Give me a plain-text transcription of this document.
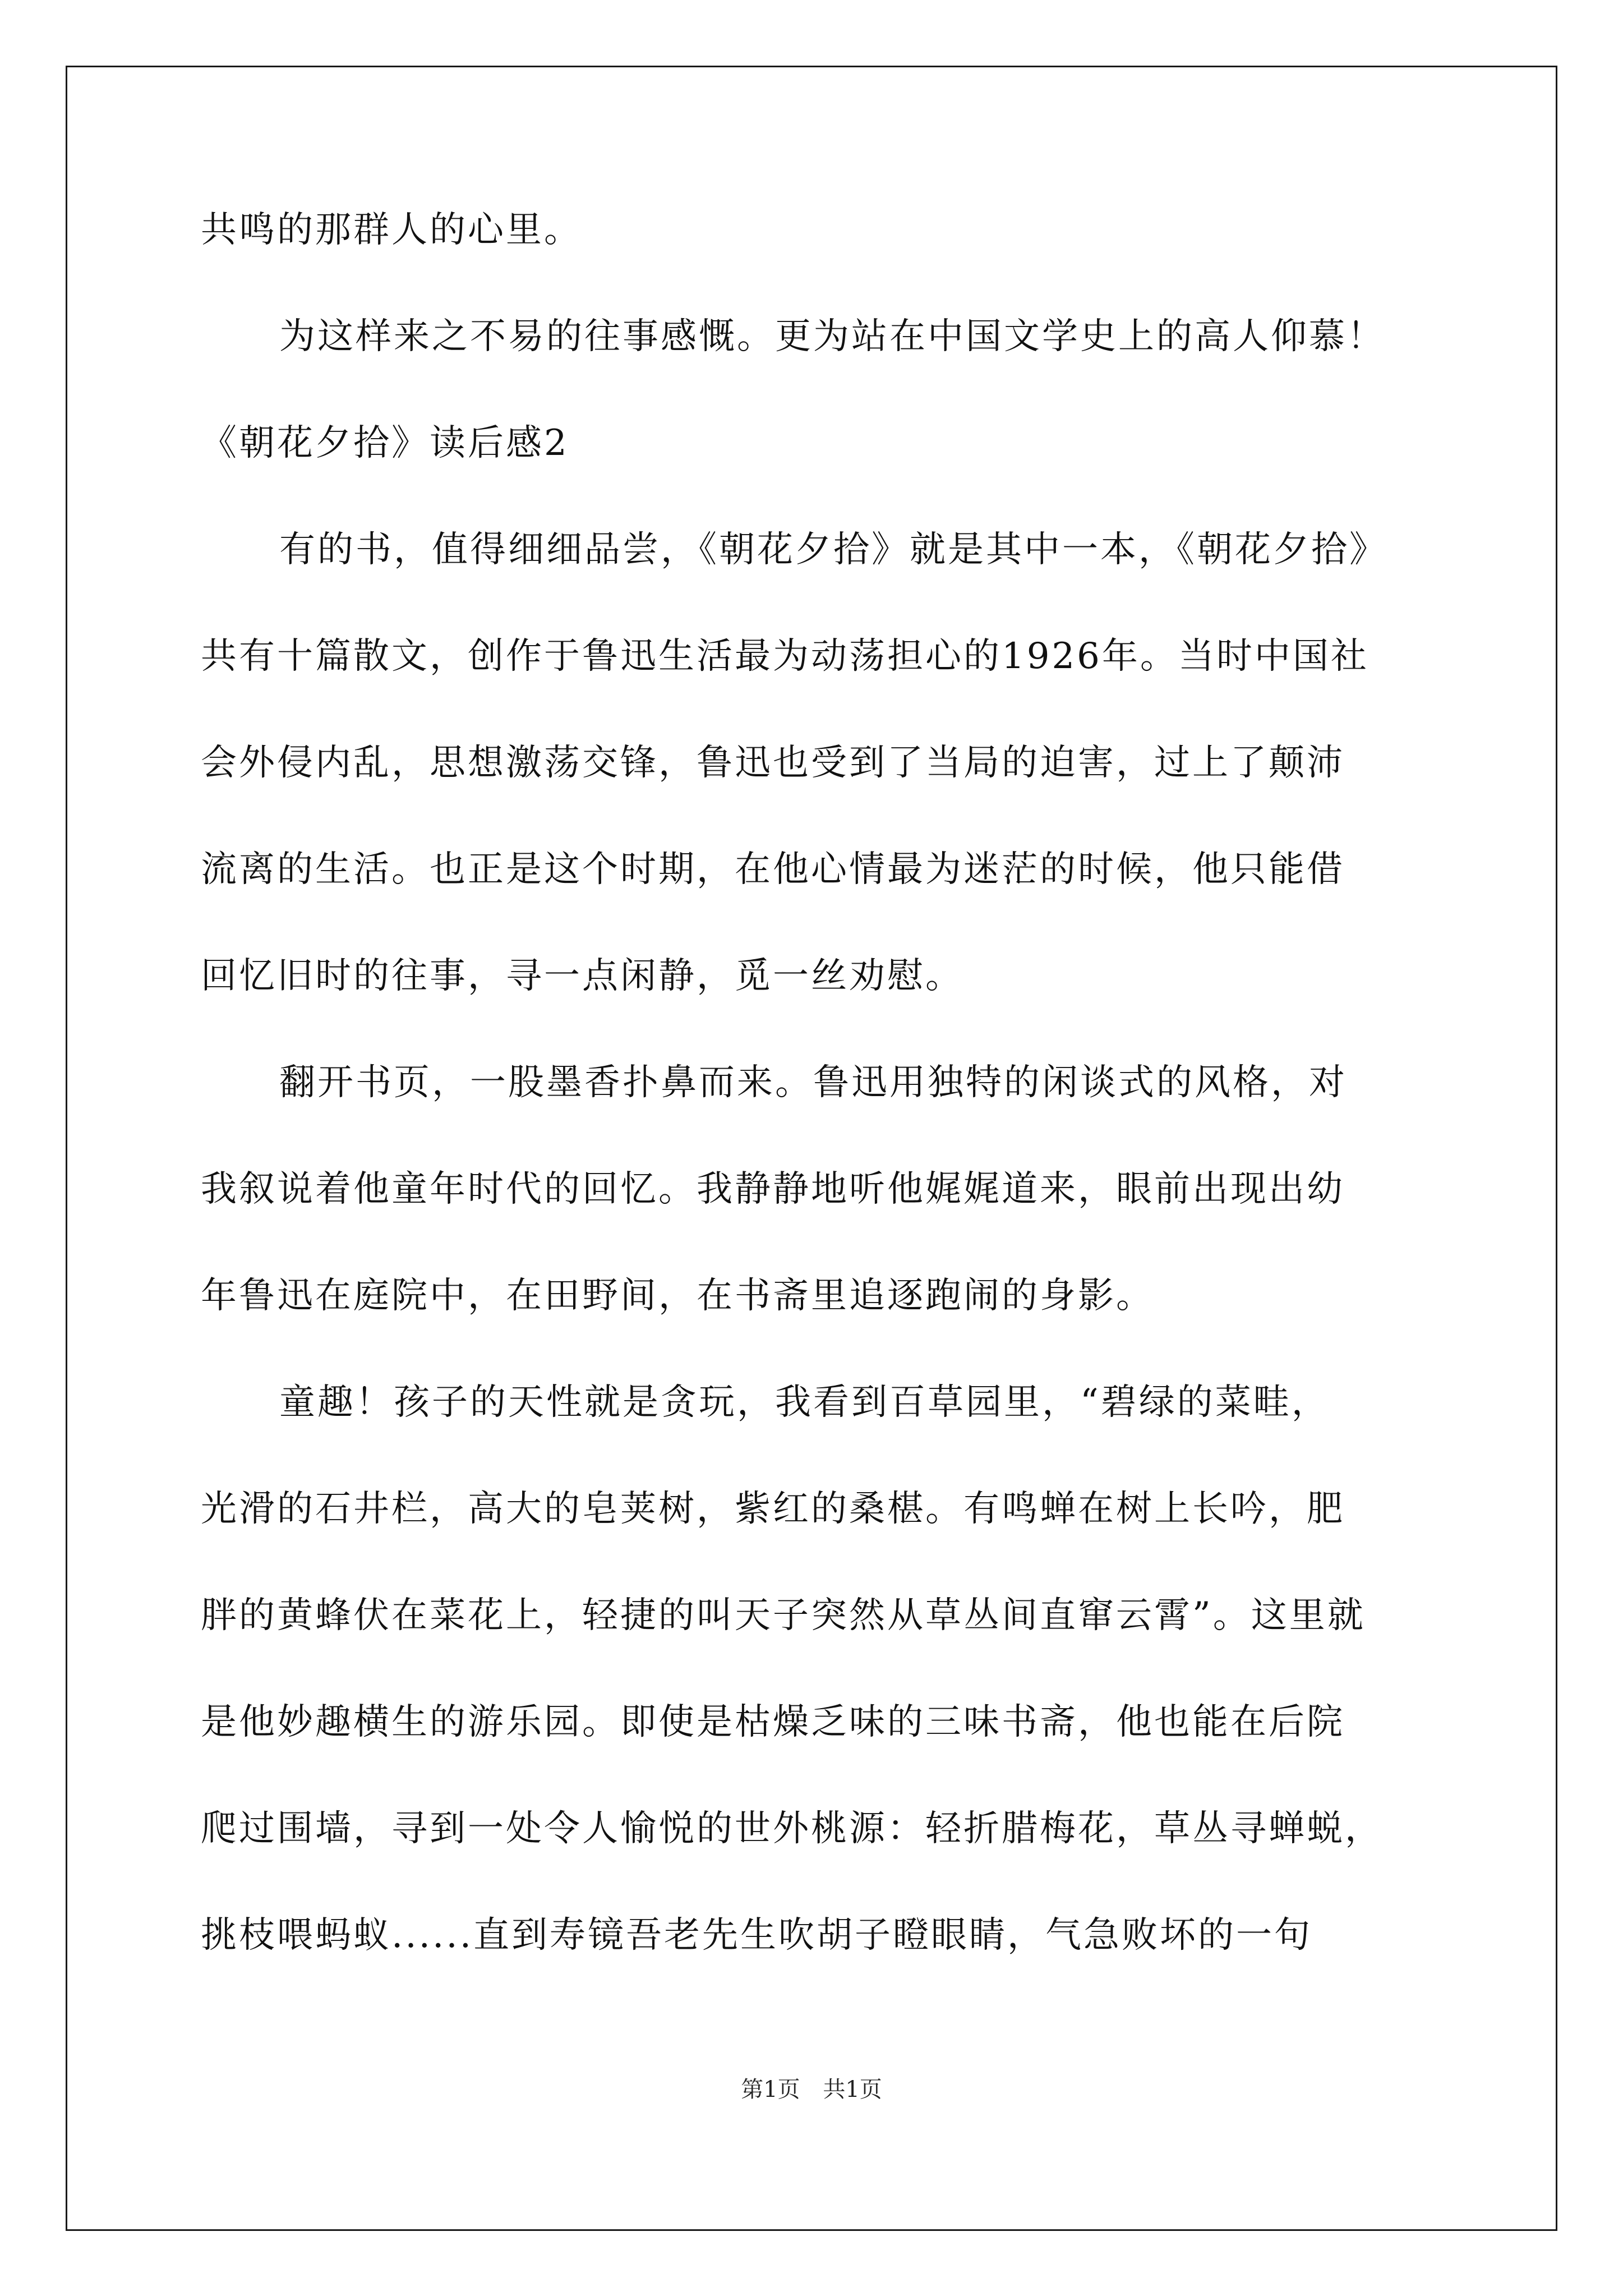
共鸣的那群人的心里。
为这样来之不易的往事感慨。更为站在中国文学史上的高人仰慕！
《朝花夕拾》读后感2
有的书，值得细细品尝，《朝花夕拾》就是其中一本，《朝花夕拾》
共有十篇散文，创作于鲁迅生活最为动荡担心的1926年。当时中国社
会外侵内乱，思想激荡交锋，鲁迅也受到了当局的迫害，过上了颠沛
流离的生活。也正是这个时期，在他心情最为迷茫的时候，他只能借
回忆旧时的往事，寻一点闲静，觅一丝劝慰。
翻开书页，一股墨香扑鼻而来。鲁迅用独特的闲谈式的风格，对
我叙说着他童年时代的回忆。我静静地听他娓娓道来，眼前出现出幼
年鲁迅在庭院中，在田野间，在书斋里追逐跑闹的身影。
童趣！孩子的天性就是贪玩，我看到百草园里，“碧绿的菜畦，
光滑的石井栏，高大的皂荚树，紫红的桑椹。有鸣蝉在树上长吟，肥
胖的黄蜂伏在菜花上，轻捷的叫天子突然从草丛间直窜云霄”。这里就
是他妙趣横生的游乐园。即使是枯燥乏味的三味书斋，他也能在后院
爬过围墙，寻到一处令人愉悦的世外桃源：轻折腊梅花，草丛寻蝉蜕，
挑枝喂蚂蚁......直到寿镜吾老先生吹胡子瞪眼睛，气急败坏的一句
第1页 共1页
